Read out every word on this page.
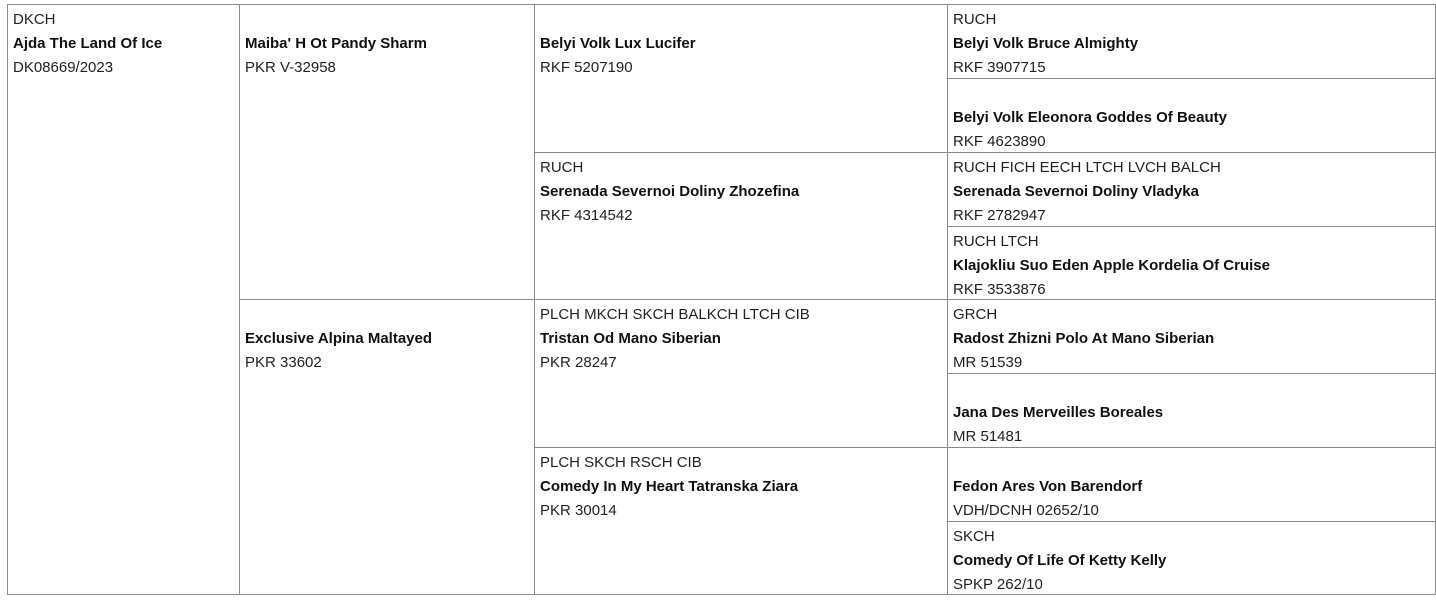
DKCH
Ajda The Land Of Ice
DK08669/2023
Maiba' H Ot Pandy Sharm
PKR V-32958
Exclusive Alpina Maltayed
PKR 33602
Belyi Volk Lux Lucifer
RKF 5207190
RUCH
Serenada Severnoi Doliny Zhozefina
RKF 4314542
PLCH MKCH SKCH BALKCH LTCH CIB
Tristan Od Mano Siberian
PKR 28247
PLCH SKCH RSCH CIB
Comedy In My Heart Tatranska Ziara
PKR 30014
RUCH
Belyi Volk Bruce Almighty
RKF 3907715
Belyi Volk Eleonora Goddes Of Beauty
RKF 4623890
RUCH FICH EECH LTCH LVCH BALCH
Serenada Severnoi Doliny Vladyka
RKF 2782947
RUCH LTCH
Klajokliu Suo Eden Apple Kordelia Of Cruise
RKF 3533876
GRCH
Radost Zhizni Polo At Mano Siberian
MR 51539
Jana Des Merveilles Boreales
MR 51481
Fedon Ares Von Barendorf
VDH/DCNH 02652/10
SKCH
Comedy Of Life Of Ketty Kelly
SPKP 262/10
